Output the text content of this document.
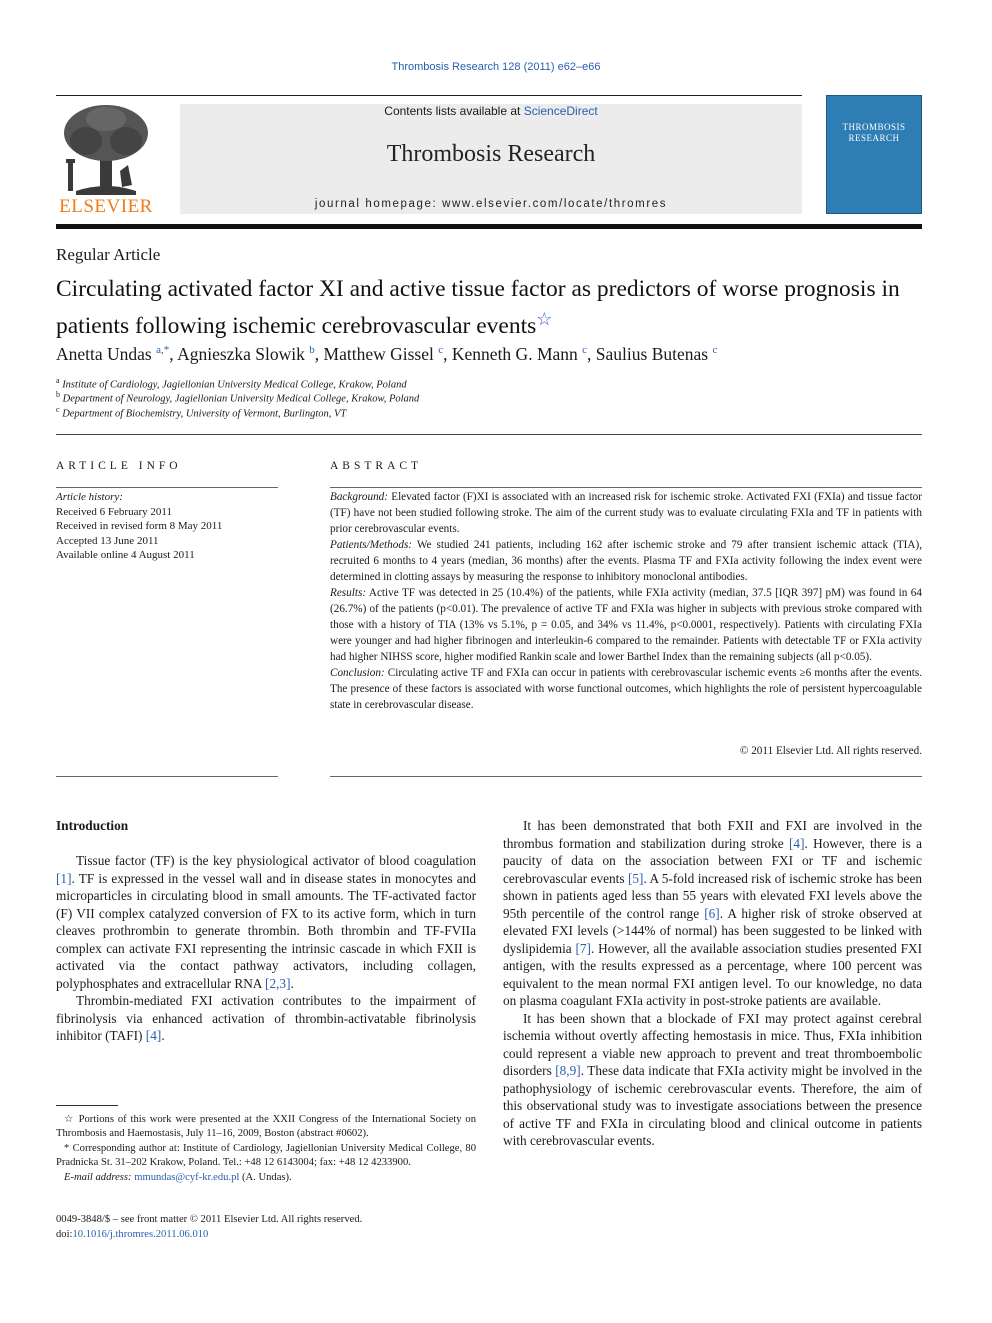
Thrombosis Research 128 (2011) e62–e66
ELSEVIER
Contents lists available at ScienceDirect
Thrombosis Research
journal homepage: www.elsevier.com/locate/thromres
THROMBOSIS
RESEARCH
Regular Article
Circulating activated factor XI and active tissue factor as predictors of worse prognosis in patients following ischemic cerebrovascular events☆
Anetta Undas $^{a,*}$, Agnieszka Slowik $^b$, Matthew Gissel $^c$, Kenneth G. Mann $^c$, Saulius Butenas $^c$
$^a$ Institute of Cardiology, Jagiellonian University Medical College, Krakow, Poland
$^b$ Department of Neurology, Jagiellonian University Medical College, Krakow, Poland
$^c$ Department of Biochemistry, University of Vermont, Burlington, VT
ARTICLE INFO
Article history:
Received 6 February 2011
Received in revised form 8 May 2011
Accepted 13 June 2011
Available online 4 August 2011
ABSTRACT
Background: Elevated factor (F)XI is associated with an increased risk for ischemic stroke. Activated FXI (FXIa) and tissue factor (TF) have not been studied following stroke. The aim of the current study was to evaluate circulating FXIa and TF in patients with prior cerebrovascular events.
Patients/Methods: We studied 241 patients, including 162 after ischemic stroke and 79 after transient ischemic attack (TIA), recruited 6 months to 4 years (median, 36 months) after the events. Plasma TF and FXIa activity following the index event were determined in clotting assays by measuring the response to inhibitory monoclonal antibodies.
Results: Active TF was detected in 25 (10.4%) of the patients, while FXIa activity (median, 37.5 [IQR 397] pM) was found in 64 (26.7%) of the patients (p<0.01). The prevalence of active TF and FXIa was higher in subjects with previous stroke compared with those with a history of TIA (13% vs 5.1%, p = 0.05, and 34% vs 11.4%, p<0.0001, respectively). Patients with circulating FXIa were younger and had higher fibrinogen and interleukin-6 compared to the remainder. Patients with detectable TF or FXIa activity had higher NIHSS score, higher modified Rankin scale and lower Barthel Index than the remaining subjects (all p<0.05).
Conclusion: Circulating active TF and FXIa can occur in patients with cerebrovascular ischemic events ≥6 months after the events. The presence of these factors is associated with worse functional outcomes, which highlights the role of persistent hypercoagulable state in cerebrovascular disease.
© 2011 Elsevier Ltd. All rights reserved.
Introduction

Tissue factor (TF) is the key physiological activator of blood coagulation [1]. TF is expressed in the vessel wall and in disease states in monocytes and microparticles in circulating blood in small amounts. The TF-activated factor (F) VII complex catalyzed conversion of FX to its active form, which in turn cleaves prothrombin to generate thrombin. Both thrombin and TF-FVIIa complex can activate FXI representing the intrinsic cascade in which FXII is activated via the contact pathway activators, including collagen, polyphosphates and extracellular RNA [2,3].

Thrombin-mediated FXI activation contributes to the impairment of fibrinolysis via enhanced activation of thrombin-activatable fibrinolysis inhibitor (TAFI) [4].

It has been demonstrated that both FXII and FXI are involved in the thrombus formation and stabilization during stroke [4]. However, there is a paucity of data on the association between FXI or TF and ischemic cerebrovascular events [5]. A 5-fold increased risk of ischemic stroke has been shown in patients aged less than 55 years with elevated FXI levels above the 95th percentile of the control range [6]. A higher risk of stroke observed at elevated FXI levels (>144% of normal) has been suggested to be linked with dyslipidemia [7]. However, all the available association studies presented FXI antigen, with the results expressed as a percentage, where 100 percent was equivalent to the mean normal FXI antigen level. To our knowledge, no data on plasma coagulant FXIa activity in post-stroke patients are available.

It has been shown that a blockade of FXI may protect against cerebral ischemia without overtly affecting hemostasis in mice. Thus, FXIa inhibition could represent a viable new approach to prevent and treat thromboembolic disorders [8,9]. These data indicate that FXIa activity might be involved in the pathophysiology of ischemic cerebrovascular events. Therefore, the aim of this observational study was to investigate associations between the presence of active TF and FXIa in circulating blood and clinical outcome in patients with cerebrovascular events.

☆ Portions of this work were presented at the XXII Congress of the International Society on Thrombosis and Haemostasis, July 11–16, 2009, Boston (abstract #0602).

* Corresponding author at: Institute of Cardiology, Jagiellonian University Medical College, 80 Pradnicka St. 31–202 Krakow, Poland. Tel.: +48 12 6143004; fax: +48 12 4233900.

E-mail address: mmundas@cyf-kr.edu.pl (A. Undas).

0049-3848/$ – see front matter © 2011 Elsevier Ltd. All rights reserved.
doi:10.1016/j.thromres.2011.06.010
